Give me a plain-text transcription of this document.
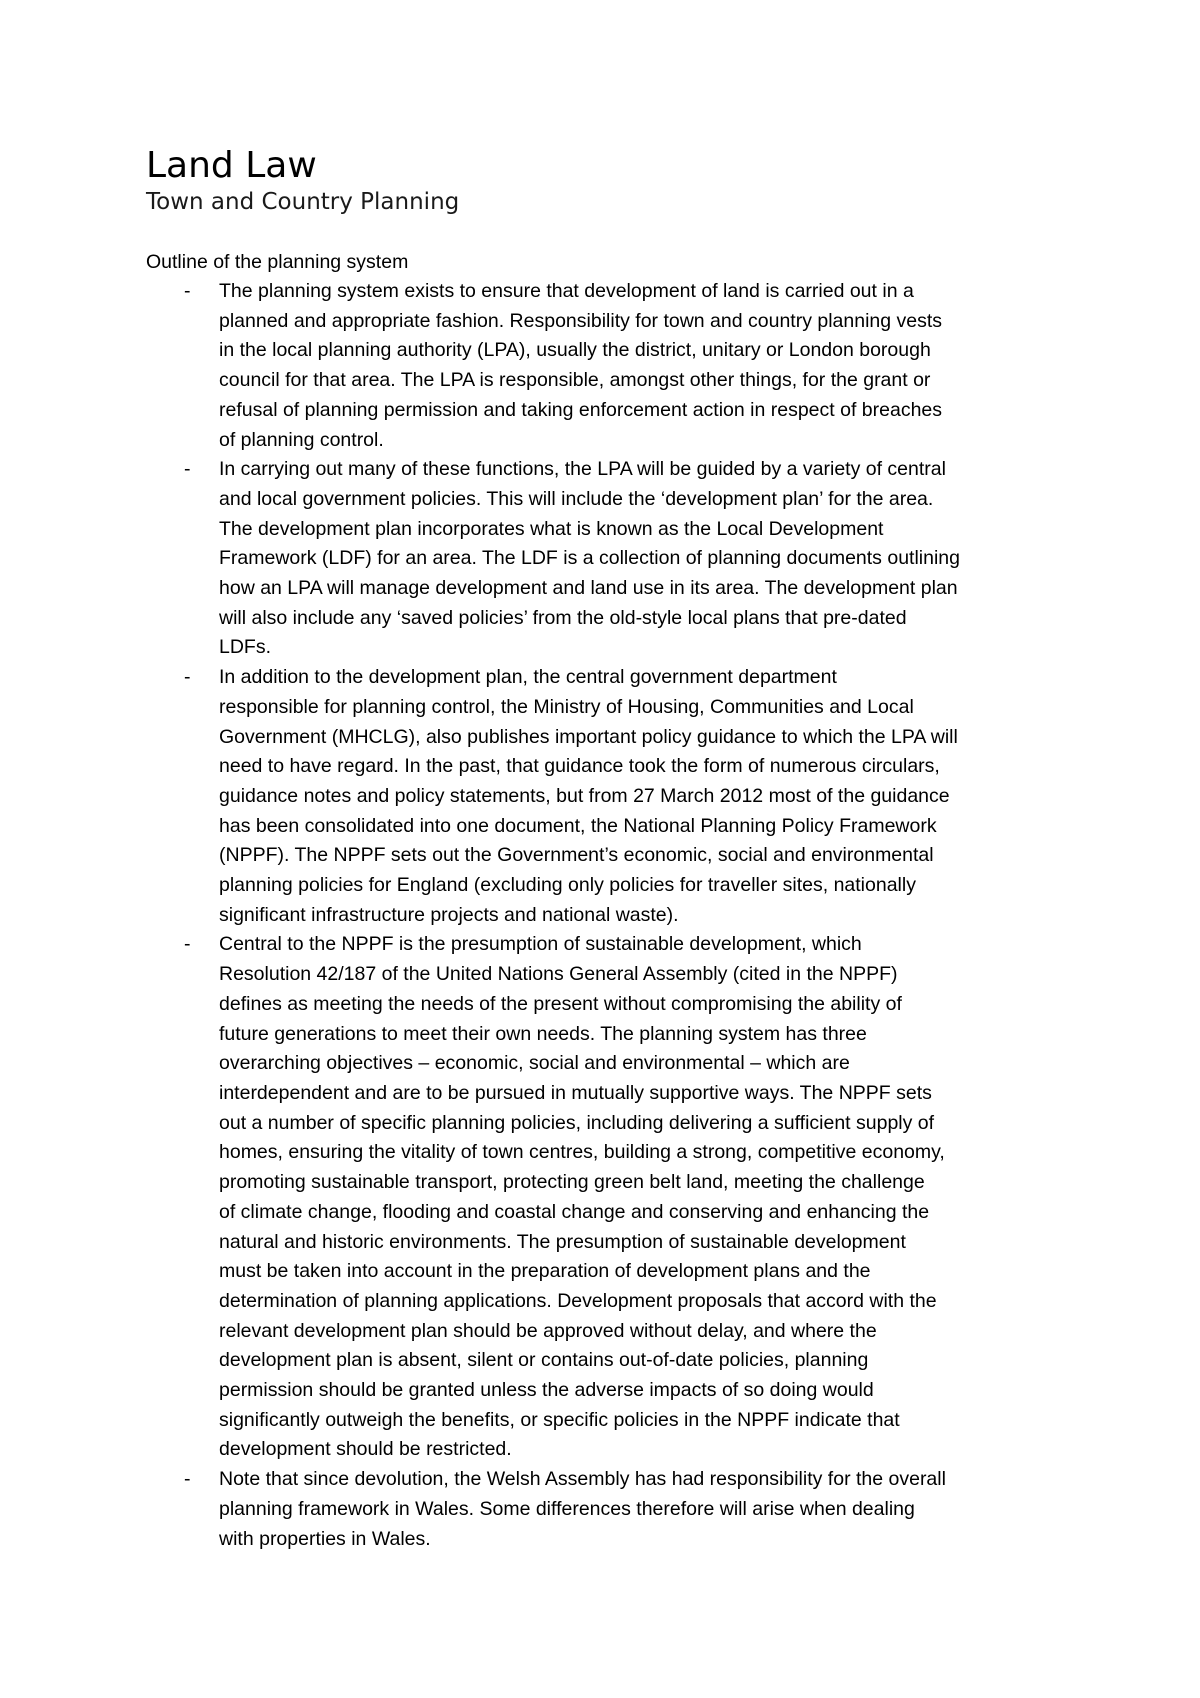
Land Law
Town and Country Planning

Outline of the planning system

- The planning system exists to ensure that development of land is carried out in a
planned and appropriate fashion. Responsibility for town and country planning vests
in the local planning authority (LPA), usually the district, unitary or London borough
council for that area. The LPA is responsible, amongst other things, for the grant or
refusal of planning permission and taking enforcement action in respect of breaches
of planning control.
- In carrying out many of these functions, the LPA will be guided by a variety of central
and local government policies. This will include the ‘development plan’ for the area.
The development plan incorporates what is known as the Local Development
Framework (LDF) for an area. The LDF is a collection of planning documents outlining
how an LPA will manage development and land use in its area. The development plan
will also include any ‘saved policies’ from the old-style local plans that pre-dated
LDFs.
- In addition to the development plan, the central government department
responsible for planning control, the Ministry of Housing, Communities and Local
Government (MHCLG), also publishes important policy guidance to which the LPA will
need to have regard. In the past, that guidance took the form of numerous circulars,
guidance notes and policy statements, but from 27 March 2012 most of the guidance
has been consolidated into one document, the National Planning Policy Framework
(NPPF). The NPPF sets out the Government’s economic, social and environmental
planning policies for England (excluding only policies for traveller sites, nationally
significant infrastructure projects and national waste).
- Central to the NPPF is the presumption of sustainable development, which
Resolution 42/187 of the United Nations General Assembly (cited in the NPPF)
defines as meeting the needs of the present without compromising the ability of
future generations to meet their own needs. The planning system has three
overarching objectives – economic, social and environmental – which are
interdependent and are to be pursued in mutually supportive ways. The NPPF sets
out a number of specific planning policies, including delivering a sufficient supply of
homes, ensuring the vitality of town centres, building a strong, competitive economy,
promoting sustainable transport, protecting green belt land, meeting the challenge
of climate change, flooding and coastal change and conserving and enhancing the
natural and historic environments. The presumption of sustainable development
must be taken into account in the preparation of development plans and the
determination of planning applications. Development proposals that accord with the
relevant development plan should be approved without delay, and where the
development plan is absent, silent or contains out-of-date policies, planning
permission should be granted unless the adverse impacts of so doing would
significantly outweigh the benefits, or specific policies in the NPPF indicate that
development should be restricted.
- Note that since devolution, the Welsh Assembly has had responsibility for the overall
planning framework in Wales. Some differences therefore will arise when dealing
with properties in Wales.
